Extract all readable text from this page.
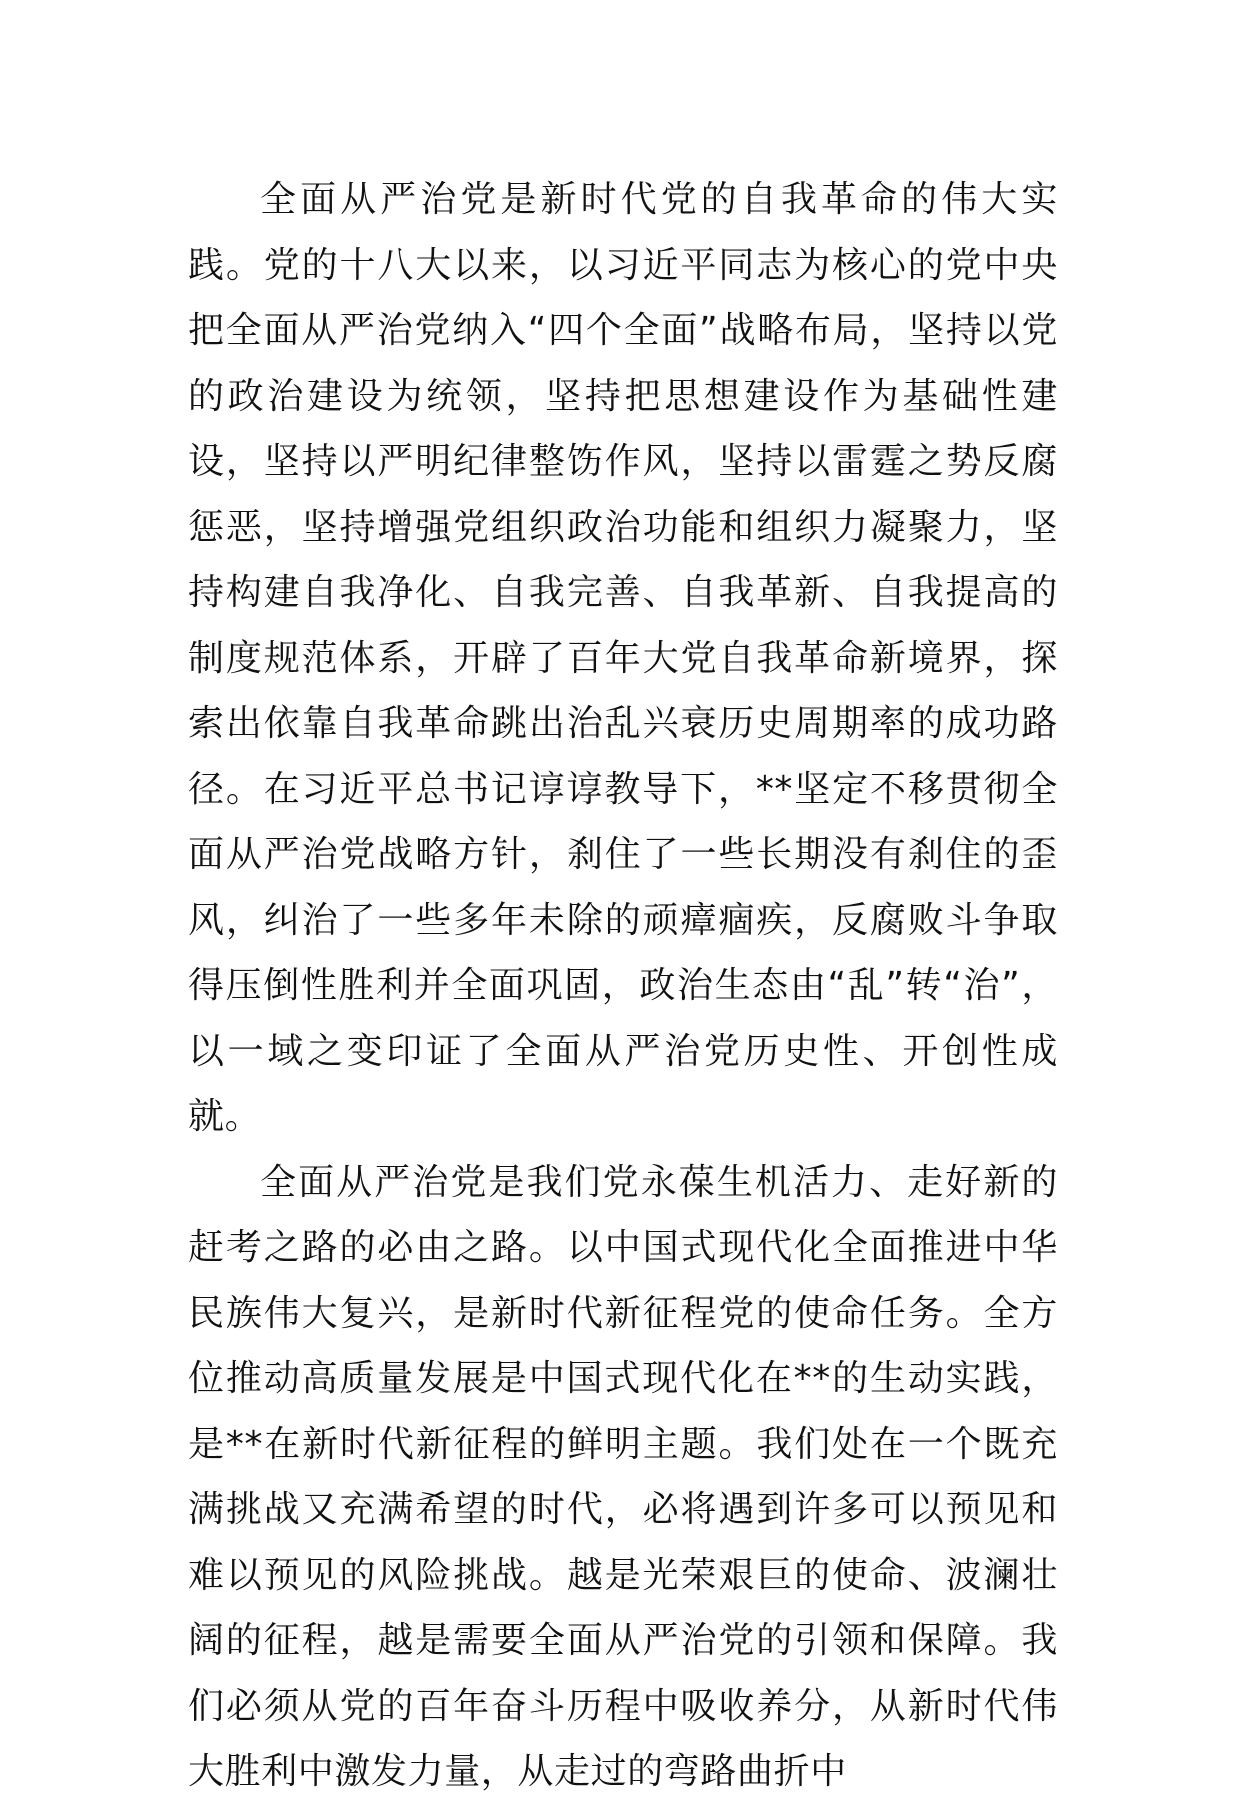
全面从严治党是新时代党的自我革命的伟大实践。党的十八大以来，以习近平同志为核心的党中央把全面从严治党纳入“四个全面”战略布局，坚持以党的政治建设为统领，坚持把思想建设作为基础性建设，坚持以严明纪律整饬作风，坚持以雷霆之势反腐惩恶，坚持增强党组织政治功能和组织力凝聚力，坚持构建自我净化、自我完善、自我革新、自我提高的制度规范体系，开辟了百年大党自我革命新境界，探索出依靠自我革命跳出治乱兴衰历史周期率的成功路径。在习近平总书记谆谆教导下，**坚定不移贯彻全面从严治党战略方针，刹住了一些长期没有刹住的歪风，纠治了一些多年未除的顽瘴痼疾，反腐败斗争取得压倒性胜利并全面巩固，政治生态由“乱”转“治”，以一域之变印证了全面从严治党历史性、开创性成就。

全面从严治党是我们党永葆生机活力、走好新的赶考之路的必由之路。以中国式现代化全面推进中华民族伟大复兴，是新时代新征程党的使命任务。全方位推动高质量发展是中国式现代化在**的生动实践，是**在新时代新征程的鲜明主题。我们处在一个既充满挑战又充满希望的时代，必将遇到许多可以预见和难以预见的风险挑战。越是光荣艰巨的使命、波澜壮阔的征程，越是需要全面从严治党的引领和保障。我们必须从党的百年奋斗历程中吸收养分，从新时代伟大胜利中激发力量，从走过的弯路曲折中
